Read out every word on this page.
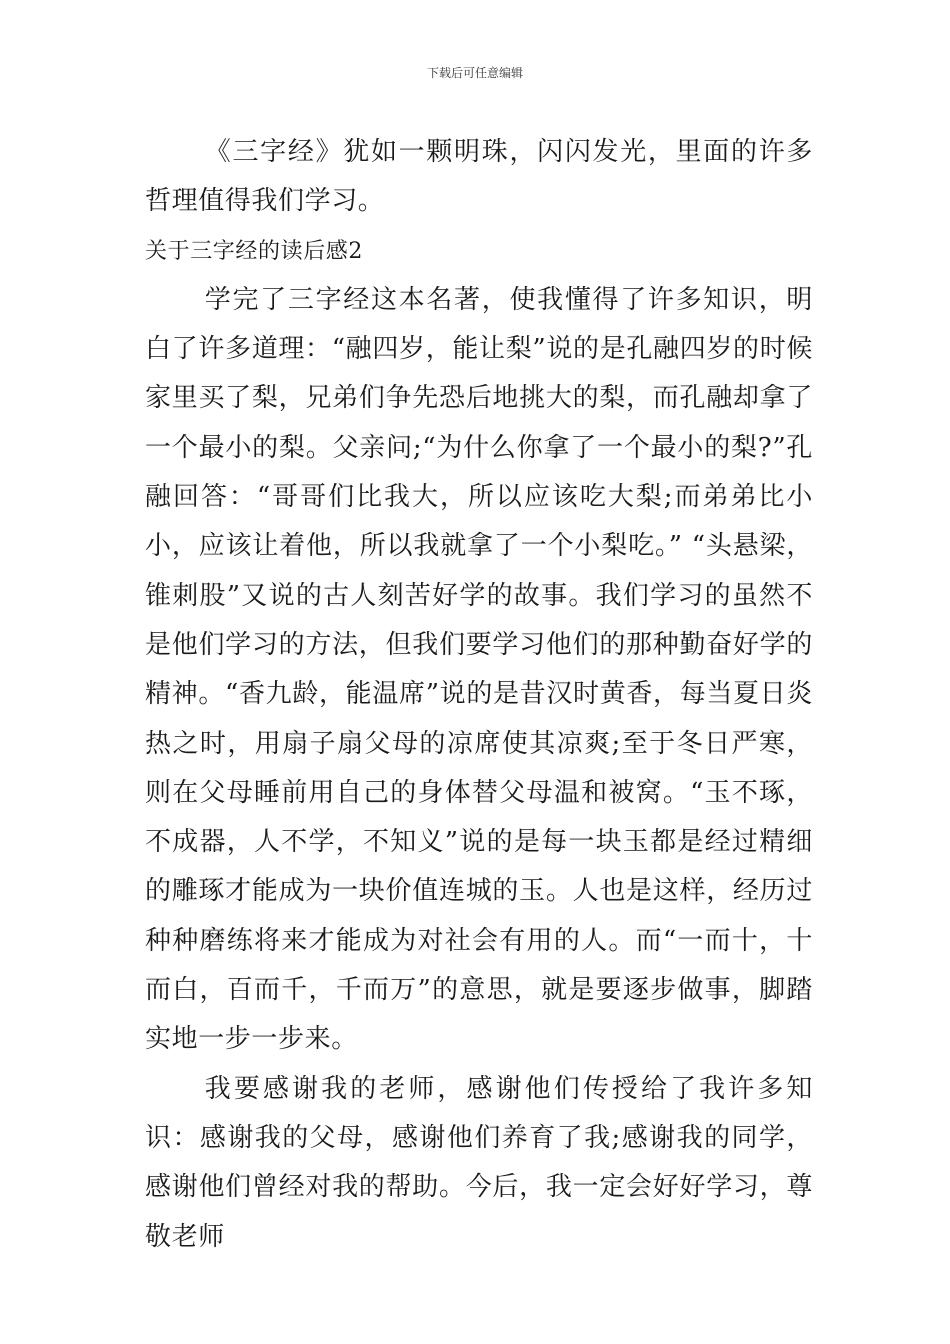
下载后可任意编辑

《三字经》犹如一颗明珠，闪闪发光，里面的许多哲理值得我们学习。

关于三字经的读后感2

学完了三字经这本名著，使我懂得了许多知识，明白了许多道理：“融四岁，能让梨”说的是孔融四岁的时候家里买了梨，兄弟们争先恐后地挑大的梨，而孔融却拿了一个最小的梨。父亲问;“为什么你拿了一个最小的梨?”孔融回答：“哥哥们比我大，所以应该吃大梨;而弟弟比小小，应该让着他，所以我就拿了一个小梨吃。” “头悬梁，锥刺股”又说的古人刻苦好学的故事。我们学习的虽然不是他们学习的方法，但我们要学习他们的那种勤奋好学的精神。“香九龄，能温席”说的是昔汉时黄香，每当夏日炎热之时，用扇子扇父母的凉席使其凉爽;至于冬日严寒，则在父母睡前用自己的身体替父母温和被窝。“玉不琢，不成器，人不学，不知义”说的是每一块玉都是经过精细的雕琢才能成为一块价值连城的玉。人也是这样，经历过种种磨练将来才能成为对社会有用的人。而“一而十，十而白，百而千，千而万”的意思，就是要逐步做事，脚踏实地一步一步来。

我要感谢我的老师，感谢他们传授给了我许多知识：感谢我的父母，感谢他们养育了我;感谢我的同学，感谢他们曾经对我的帮助。今后，我一定会好好学习，尊敬老师
